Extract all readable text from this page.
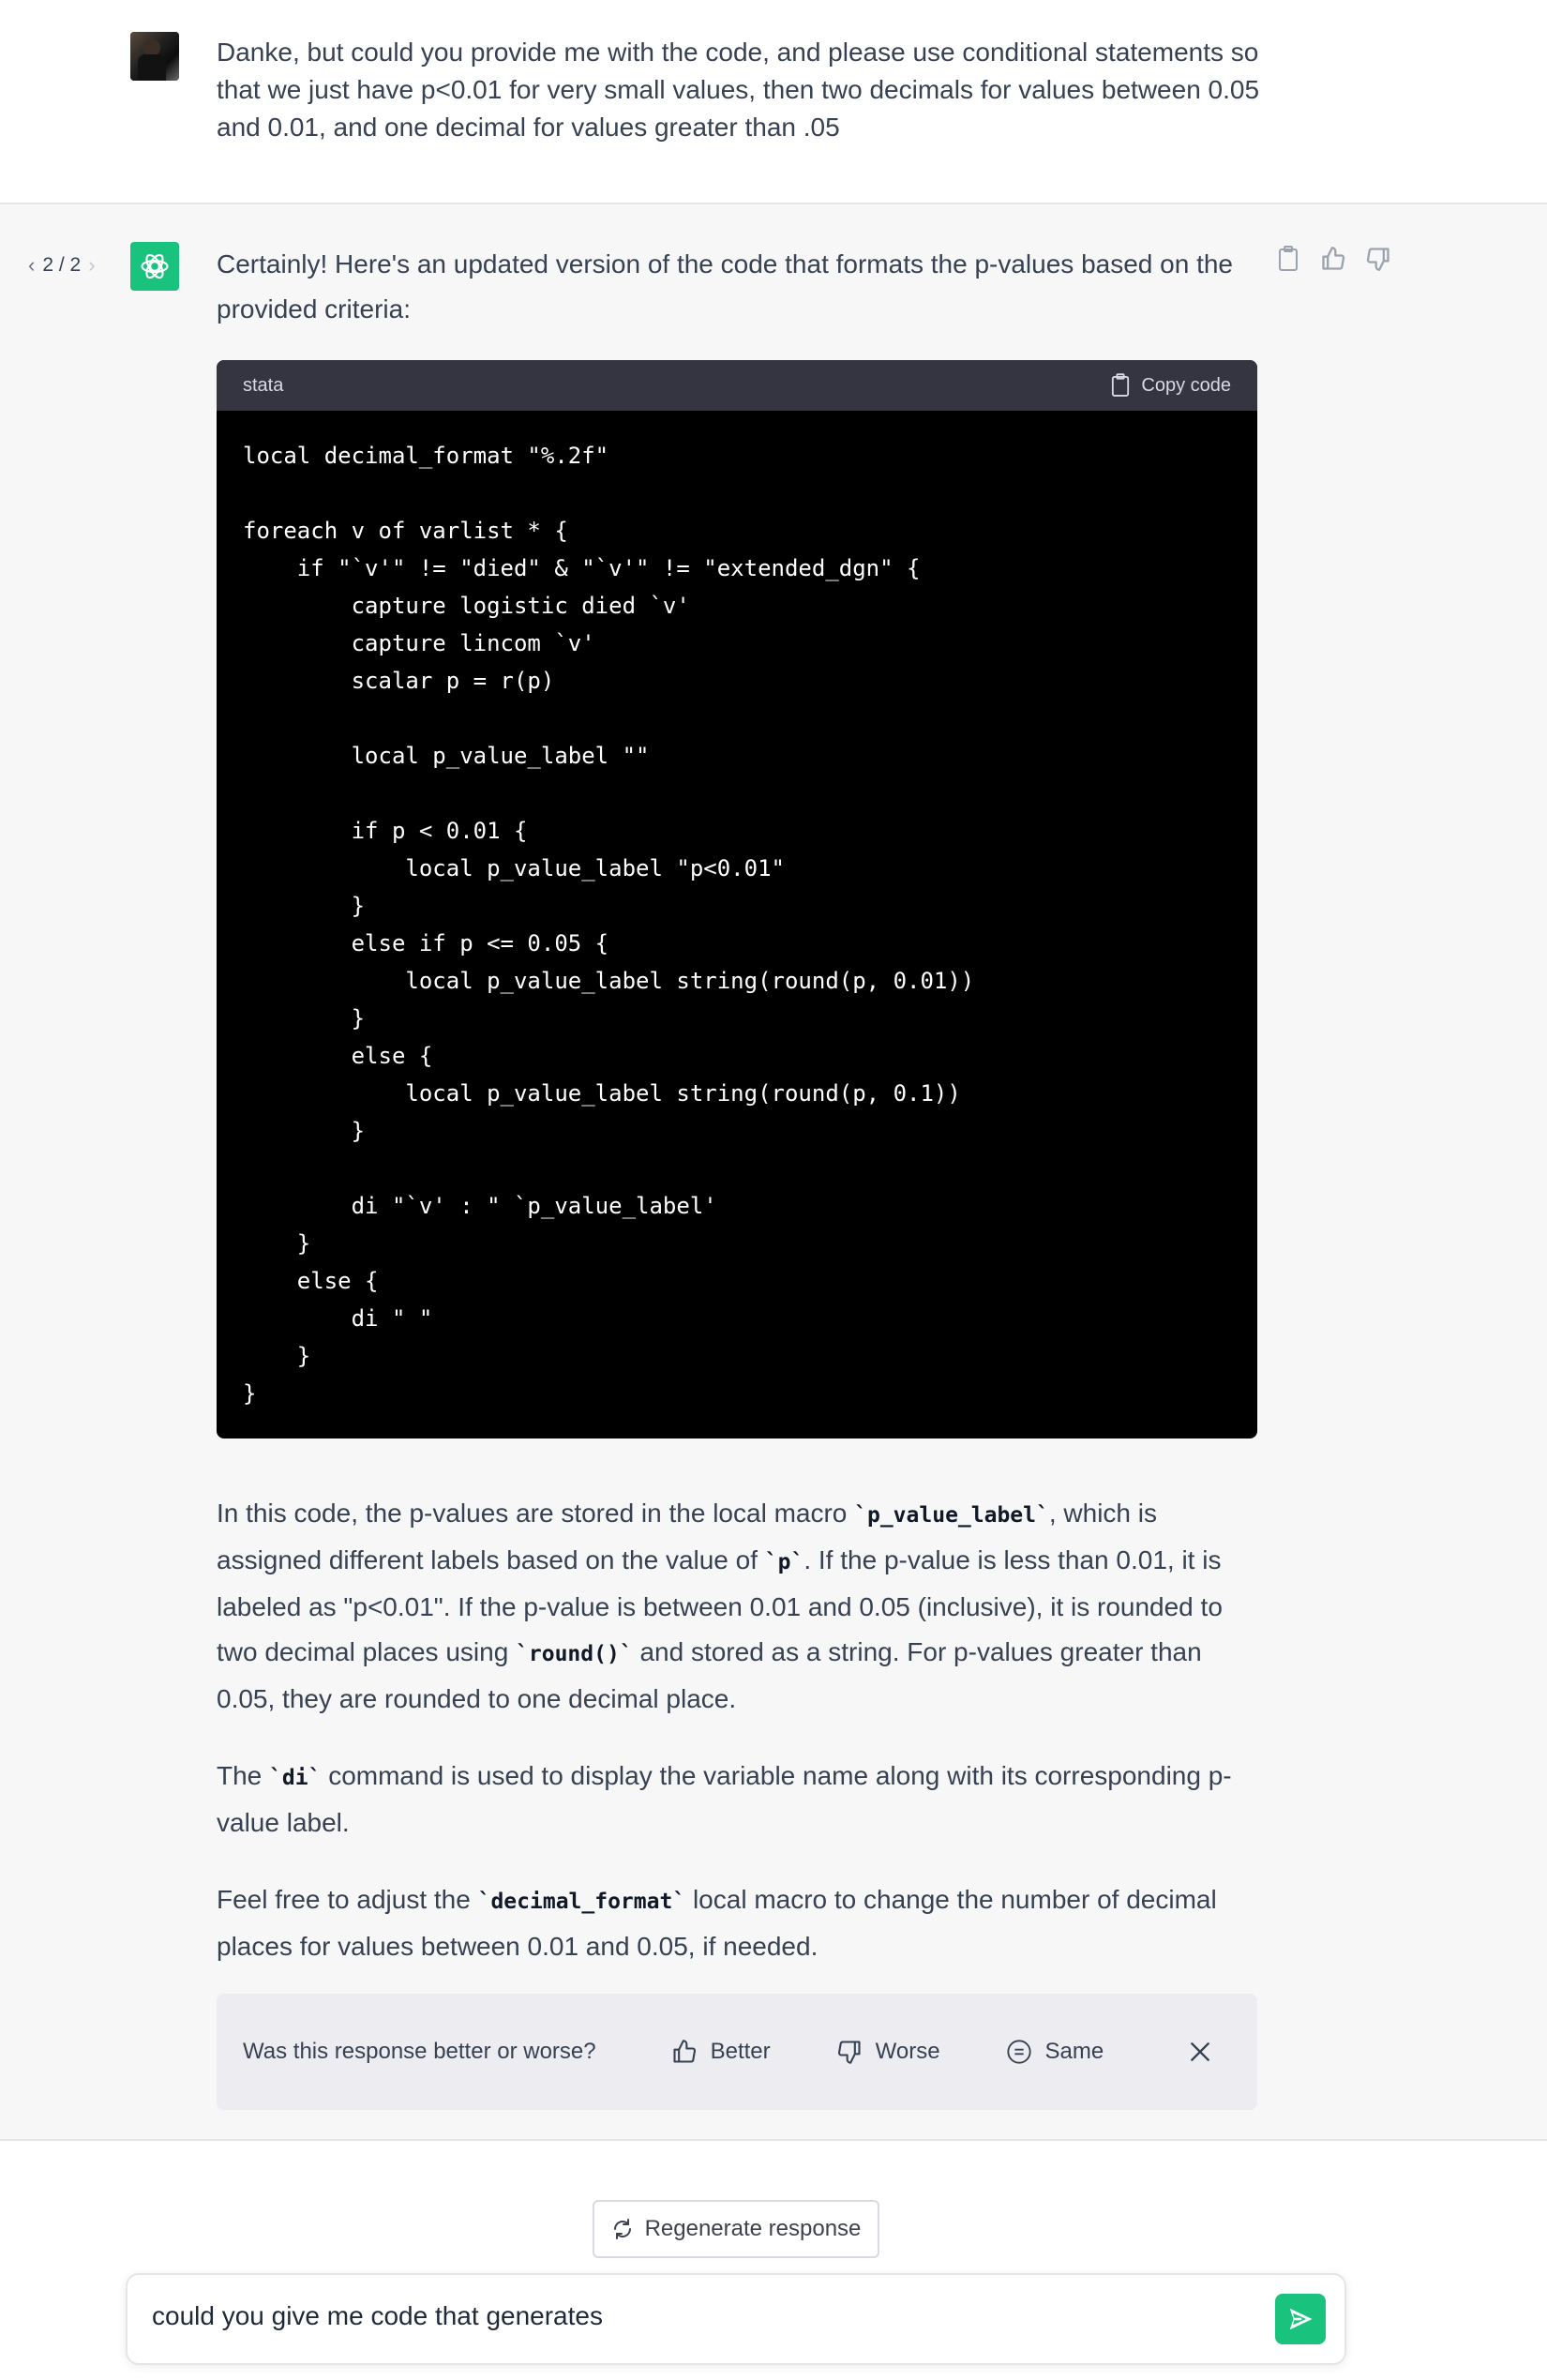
Danke, but could you provide me with the code, and please use conditional statements so that we just have p<0.01 for very small values, then two decimals for values between 0.05 and 0.01, and one decimal for values greater than .05
‹ 2 / 2 ›	Certainly! Here's an updated version of the code that formats the p-values based on the provided criteria:

stata	Copy code
local decimal_format "%.2f"

foreach v of varlist * {
if "`v'" != "died" & "`v'" != "extended_dgn" {
capture logistic died `v'
capture lincom `v'
scalar p = r(p)

local p_value_label ""

if p < 0.01 {
local p_value_label "p<0.01"
}
else if p <= 0.05 {
local p_value_label string(round(p, 0.01))
}
else {
local p_value_label string(round(p, 0.1))
}

di "`v' : " `p_value_label'
}
else {
di " "
}
}

In this code, the p-values are stored in the local macro `p_value_label`, which is assigned different labels based on the value of `p`. If the p-value is less than 0.01, it is labeled as "p<0.01". If the p-value is between 0.01 and 0.05 (inclusive), it is rounded to two decimal places using `round()` and stored as a string. For p-values greater than 0.05, they are rounded to one decimal place.

The `di` command is used to display the variable name along with its corresponding p-value label.

Feel free to adjust the `decimal_format` local macro to change the number of decimal places for values between 0.01 and 0.05, if needed.

Was this response better or worse?	Better	Worse	Same
Regenerate response
could you give me code that generates
